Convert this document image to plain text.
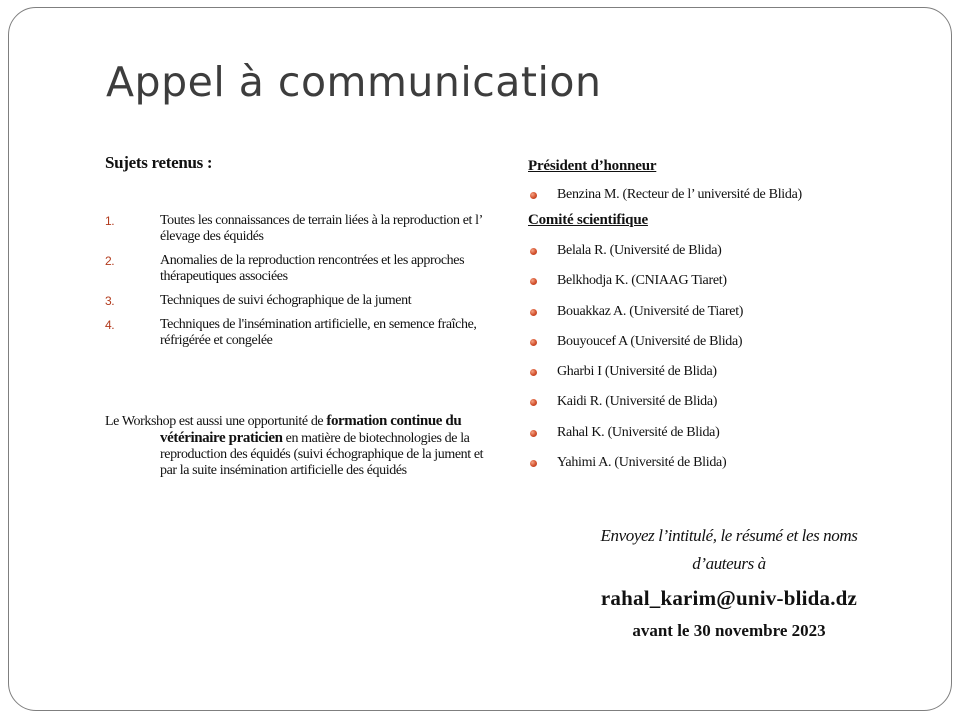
Appel à communication
Sujets retenus :
1.	Toutes les connaissances de terrain liées à la reproduction et l’ élevage des équidés
2.	Anomalies de la reproduction rencontrées et les approches thérapeutiques associées
3.	Techniques de suivi échographique de la jument
4.	Techniques de l'insémination artificielle, en semence fraîche, réfrigérée et congelée

Le Workshop est aussi une opportunité de formation continue du vétérinaire praticien en matière de biotechnologies de la reproduction des équidés (suivi échographique de la jument et par la suite insémination artificielle des équidés

Président d’honneur
Benzina M. (Recteur de l’ université de Blida)
Comité scientifique
Belala R. (Université de Blida)
Belkhodja K. (CNIAAG Tiaret)
Bouakkaz A. (Université de Tiaret)
Bouyoucef A (Université de Blida)
Gharbi I (Université de Blida)
Kaidi R. (Université de Blida)
Rahal K. (Université de Blida)
Yahimi A. (Université de Blida)
Envoyez l’intitulé, le résumé et les noms
d’auteurs à
rahal_karim@univ-blida.dz
avant le 30 novembre 2023
